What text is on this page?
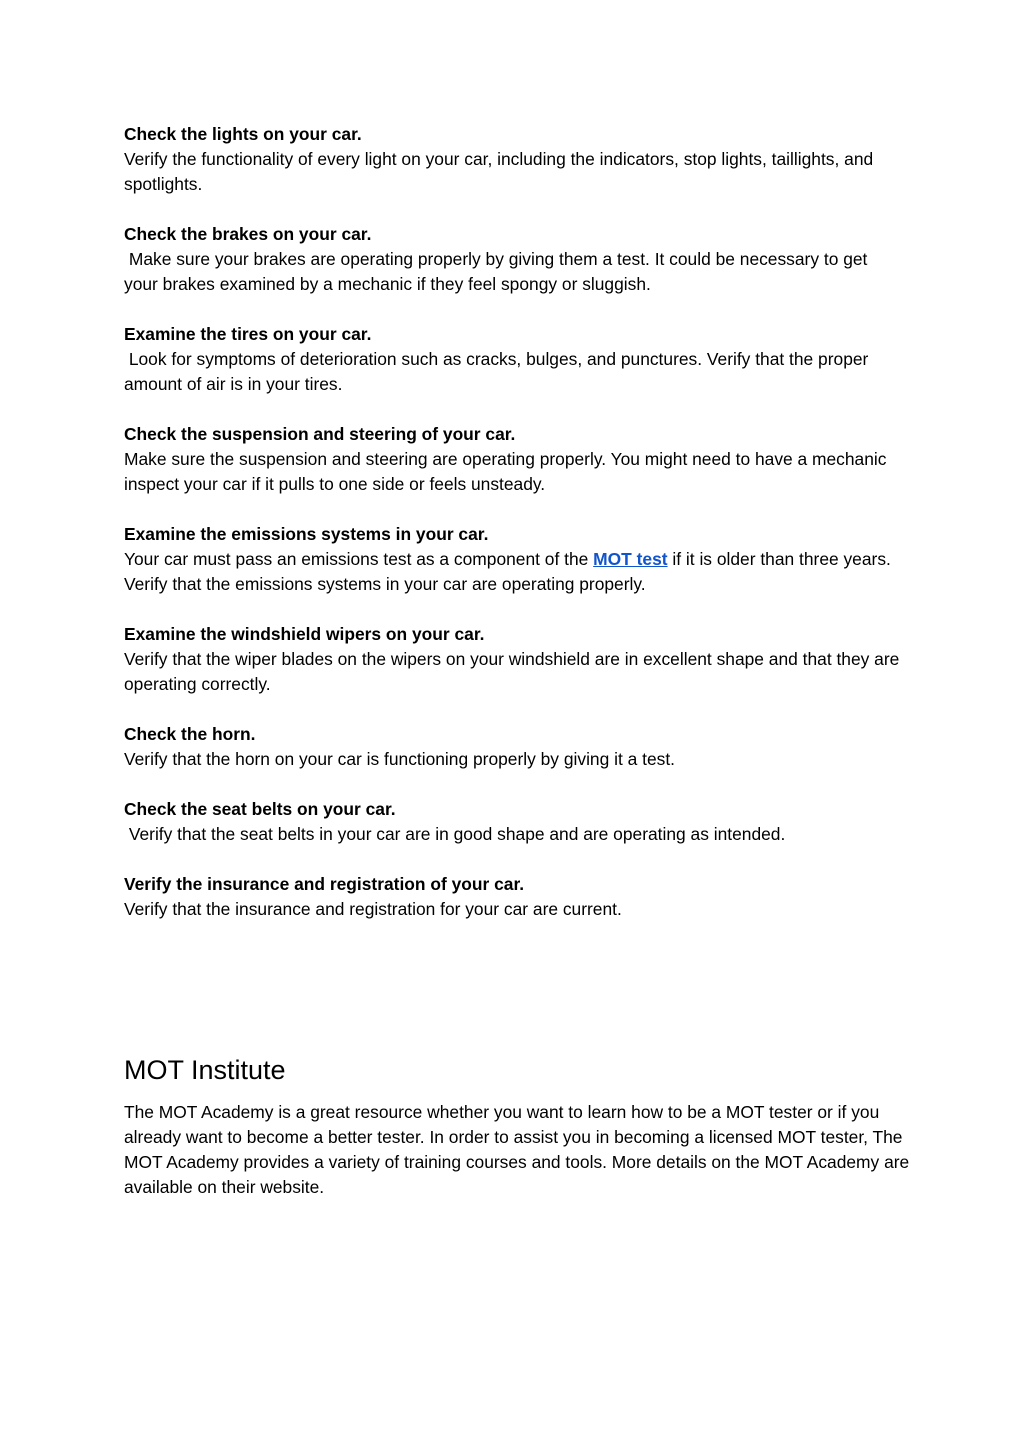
Check the lights on your car.
Verify the functionality of every light on your car, including the indicators, stop lights, taillights, and spotlights.
Check the brakes on your car.
Make sure your brakes are operating properly by giving them a test. It could be necessary to get your brakes examined by a mechanic if they feel spongy or sluggish.
Examine the tires on your car.
Look for symptoms of deterioration such as cracks, bulges, and punctures. Verify that the proper amount of air is in your tires.
Check the suspension and steering of your car.
Make sure the suspension and steering are operating properly. You might need to have a mechanic inspect your car if it pulls to one side or feels unsteady.
Examine the emissions systems in your car.
Your car must pass an emissions test as a component of the MOT test if it is older than three years. Verify that the emissions systems in your car are operating properly.
Examine the windshield wipers on your car.
Verify that the wiper blades on the wipers on your windshield are in excellent shape and that they are operating correctly.
Check the horn.
Verify that the horn on your car is functioning properly by giving it a test.
Check the seat belts on your car.
Verify that the seat belts in your car are in good shape and are operating as intended.
Verify the insurance and registration of your car.
Verify that the insurance and registration for your car are current.
MOT Institute

The MOT Academy is a great resource whether you want to learn how to be a MOT tester or if you already want to become a better tester. In order to assist you in becoming a licensed MOT tester, The MOT Academy provides a variety of training courses and tools. More details on the MOT Academy are available on their website.
